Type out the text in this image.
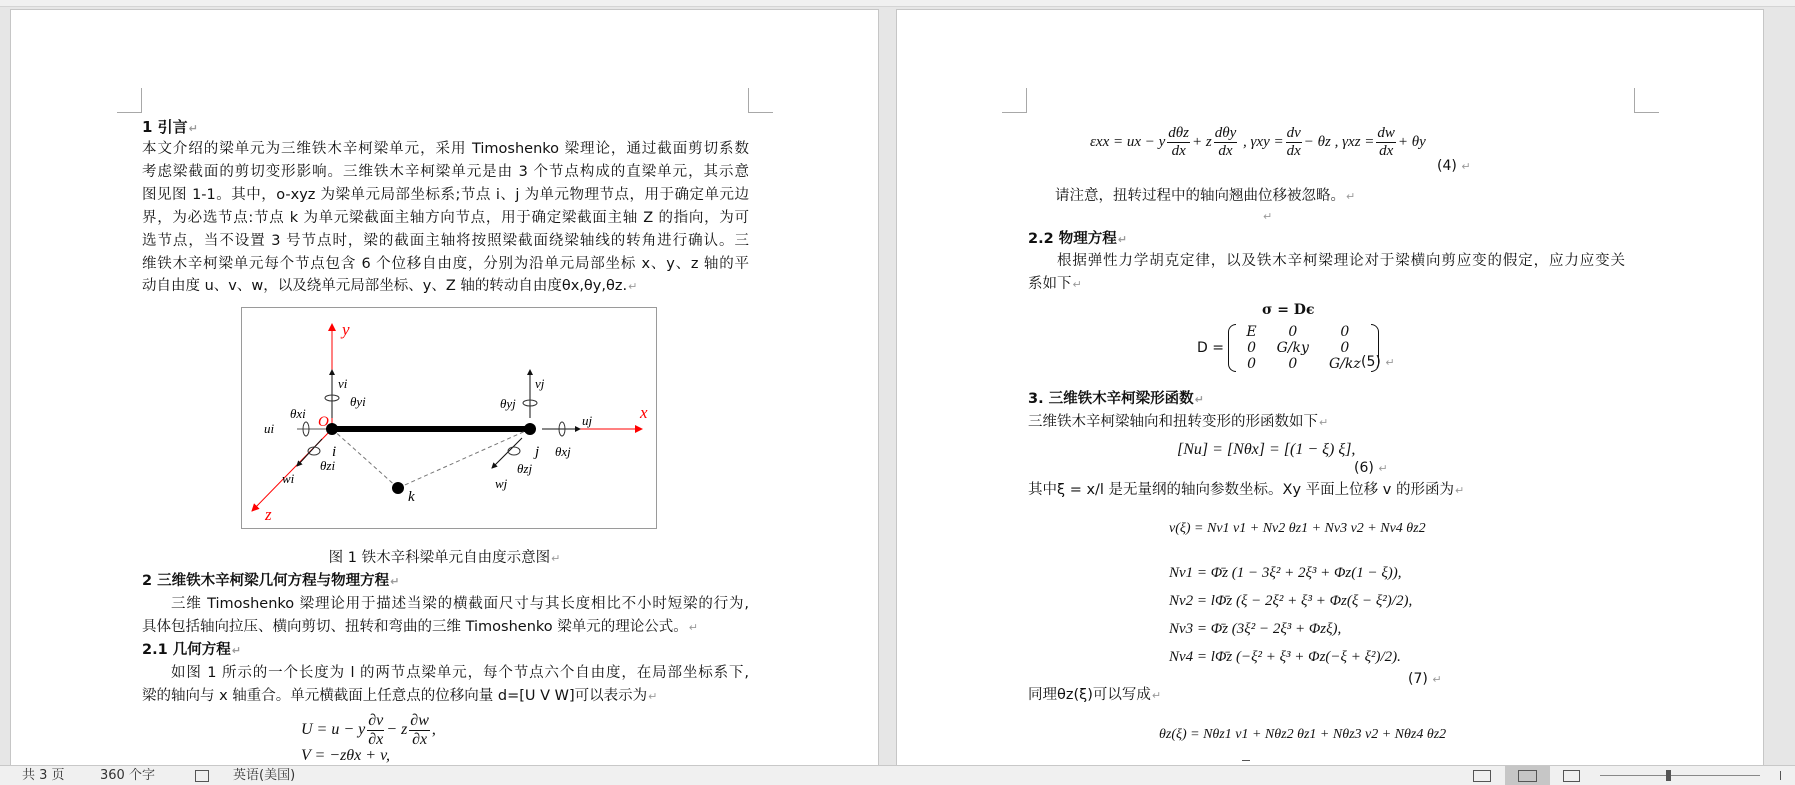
1 引言↵
本文介绍的梁单元为三维铁木辛柯梁单元，采用 Timoshenko 梁理论，通过截面剪切系数
考虑梁截面的剪切变形影响。三维铁木辛柯梁单元是由 3 个节点构成的直梁单元，其示意
图见图 1-1。其中，o-xyz 为梁单元局部坐标系;节点 i、j 为单元物理节点，用于确定单元边
界，为必选节点:节点 k 为单元梁截面主轴方向节点，用于确定梁截面主轴 Z 的指向，为可
选节点，当不设置 3 号节点时，梁的截面主轴将按照梁截面绕梁轴线的转角进行确认。三
维铁木辛柯梁单元每个节点包含 6 个位移自由度，分别为沿单元局部坐标 x、y、z 轴的平
动自由度 u、v、w，以及绕单元局部坐标、y、Z 轴的转动自由度θx,θy,θz.↵
y
x
z
O
i	j
k
vi	vj
ui
uj
wi	wj
θxi
θyi
θzi
θxj
θyj
θzj
图 1 铁木辛科梁单元自由度示意图↵
2 三维铁木辛柯梁几何方程与物理方程↵
三维 Timoshenko 梁理论用于描述当梁的横截面尺寸与其长度相比不小时短梁的行为,
具体包括轴向拉压、横向剪切、扭转和弯曲的三维 Timoshenko 梁单元的理论公式。↵
2.1 几何方程↵
如图 1 所示的一个长度为 l 的两节点梁单元，每个节点六个自由度，在局部坐标系下,
梁的轴向与 x 轴重合。单元横截面上任意点的位移向量 d=[U V W]可以表示为↵
U = u − y $\frac{\partial v}{\partial x} - z \frac{\partial w}{\partial x}$ ,
V = −zθx + v,
εxx = ux − y $\frac{\text{dθz}}{dx} + z \frac{\text{dθy}}{dx}$ , $\gamma xy = \frac{dv}{dx} - \theta z$ , $\gamma xz = \frac{dw}{dx} + \theta y$
(4) ↵
请注意，扭转过程中的轴向翘曲位移被忽略。↵
↵
2.2 物理方程↵
根据弹性力学胡克定律，以及铁木辛柯梁理论对于梁横向剪应变的假定，应力应变关
系如下↵
σ = Dϵ
D =
E	0	0
0	G/ky	0
0	0	G/kz (5) ↵
3. 三维铁木辛柯梁形函数↵
三维铁木辛柯梁轴向和扭转变形的形函数如下↵
[Nu] = [Nθx] = [(1 − ξ) ξ],
(6) ↵
其中ξ = x/l 是无量纲的轴向参数坐标。Xy 平面上位移 v 的形函为↵
v(ξ) = Nv1 v1 + Nv2 θz1 + Nv3 v2 + Nv4 θz2
Nv1 = Φ̄z (1 − 3ξ² + 2ξ³ + Φz(1 − ξ)),
Nv2 = lΦ̄z (ξ − 2ξ² + ξ³ + Φz(ξ − ξ²)/2),
Nv3 = Φ̄z (3ξ² − 2ξ³ + Φzξ),
Nv4 = lΦ̄z (−ξ² + ξ³ + Φz(−ξ + ξ²)/2).
(7) ↵
同理θz(ξ)可以写成↵
θz(ξ) = Nθz1 v1 + Nθz2 θz1 + Nθz3 v2 + Nθz4 θz2
共 3 页	360 个字	英语(美国)
